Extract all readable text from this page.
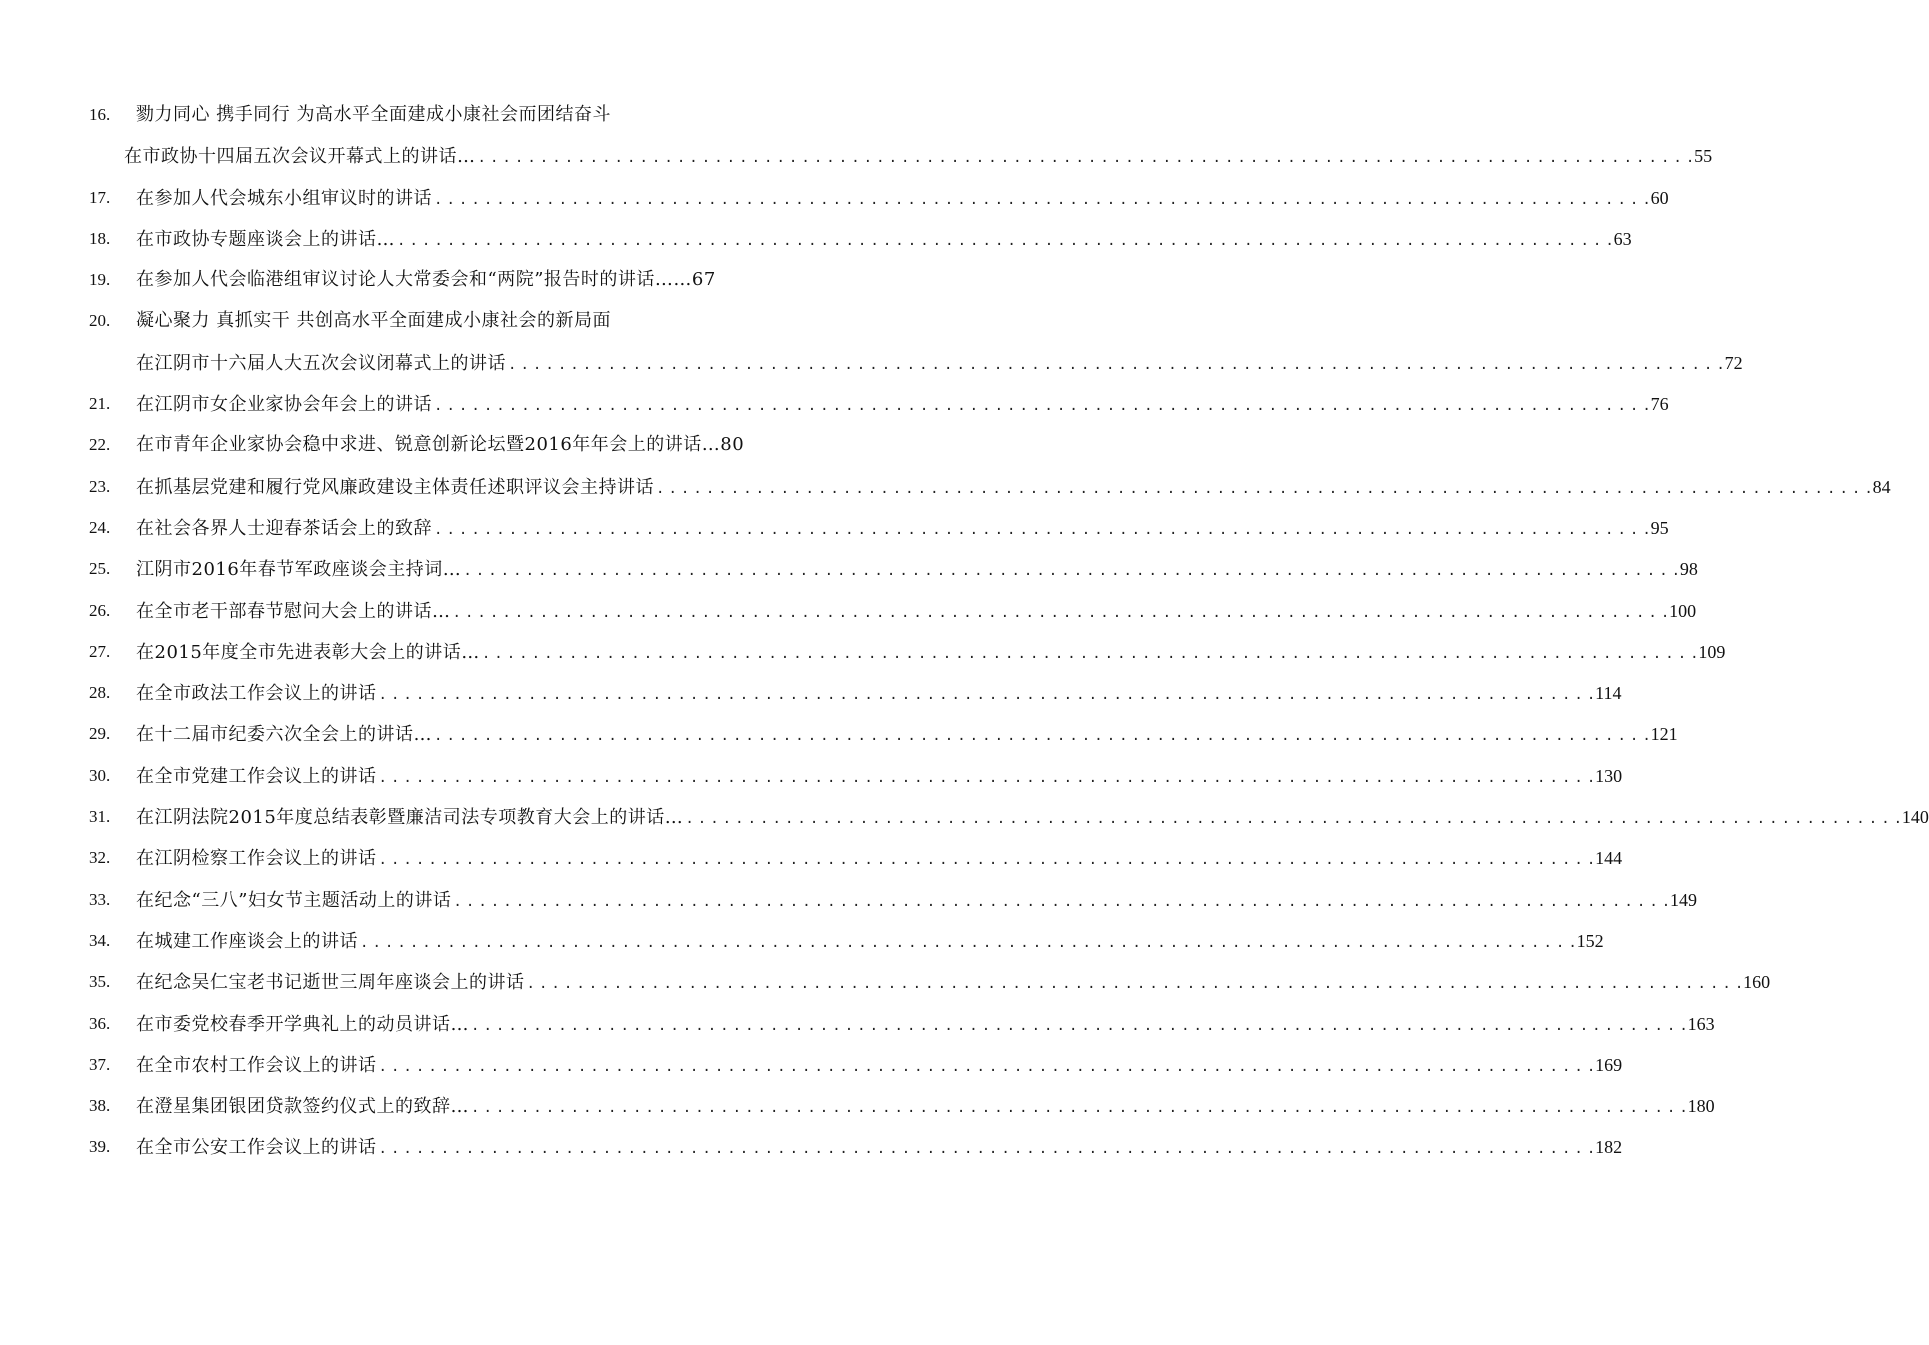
16. 勠力同心 携手同行 为高水平全面建成小康社会而团结奋斗
在市政协十四届五次会议开幕式上的讲话… . . .	55
17. 在参加人代会城东小组审议时的讲话 . . .	60
18. 在市政协专题座谈会上的讲话… . . .	63
19. 在参加人代会临港组审议讨论人大常委会和“两院”报告时的讲话……67
20. 凝心聚力 真抓实干 共创高水平全面建成小康社会的新局面
在江阴市十六届人大五次会议闭幕式上的讲话 . . .	72
21. 在江阴市女企业家协会年会上的讲话 . . .	76
22. 在市青年企业家协会稳中求进、锐意创新论坛暨2016年年会上的讲话…80
23. 在抓基层党建和履行党风廉政建设主体责任述职评议会主持讲话 . . .	84
24. 在社会各界人士迎春茶话会上的致辞 . . .	95
25. 江阴市2016年春节军政座谈会主持词… . . .	98
26. 在全市老干部春节慰问大会上的讲话… . . .	100
27. 在2015年度全市先进表彰大会上的讲话… . . .	109
28. 在全市政法工作会议上的讲话 . . .	114
29. 在十二届市纪委六次全会上的讲话… . . .	121
30. 在全市党建工作会议上的讲话 . . .	130
31. 在江阴法院2015年度总结表彰暨廉洁司法专项教育大会上的讲话… . . .	140
32. 在江阴检察工作会议上的讲话 . . .	144
33. 在纪念“三八”妇女节主题活动上的讲话 . . .	149
34. 在城建工作座谈会上的讲话 . . .	152
35. 在纪念吴仁宝老书记逝世三周年座谈会上的讲话 . . .	160
36. 在市委党校春季开学典礼上的动员讲话… . . .	163
37. 在全市农村工作会议上的讲话 . . .	169
38. 在澄星集团银团贷款签约仪式上的致辞… . . .	180
39. 在全市公安工作会议上的讲话 . . .	182
